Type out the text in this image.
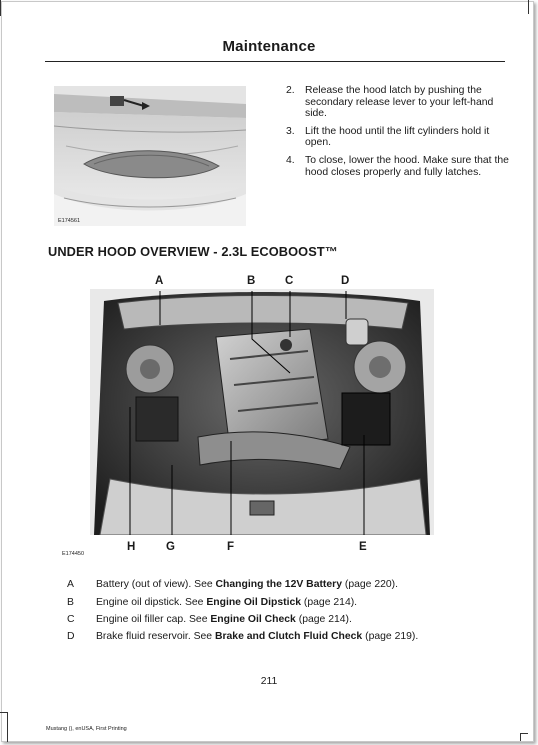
Maintenance
E174561
2. Release the hood latch by pushing the secondary release lever to your left-hand side.
3. Lift the hood until the lift cylinders hold it open.
4. To close, lower the hood. Make sure that the hood closes properly and fully latches.
UNDER HOOD OVERVIEW - 2.3L ECOBOOST™
A	B	C	D
H	G	F	E
E174450
A	Battery (out of view). See Changing the 12V Battery (page 220).
B	Engine oil dipstick. See Engine Oil Dipstick (page 214).
C	Engine oil filler cap. See Engine Oil Check (page 214).
D	Brake fluid reservoir. See Brake and Clutch Fluid Check (page 219).
211
Mustang (), enUSA, First Printing
